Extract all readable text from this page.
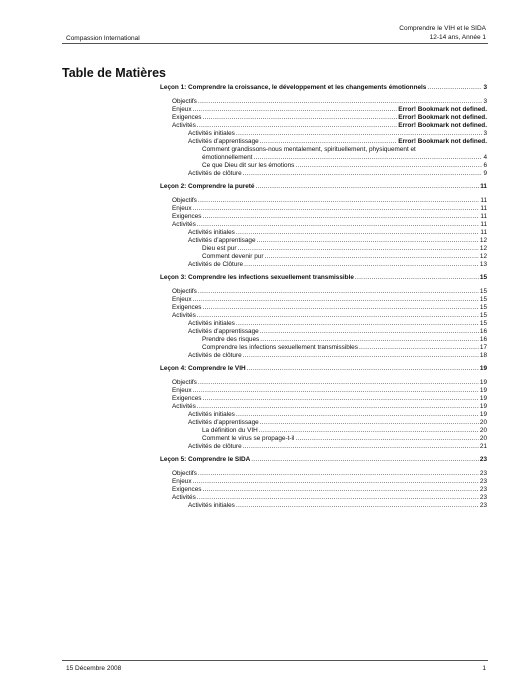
Comprendre le VIH et le SIDA
12-14 ans, Année 1
Compassion International
Table de Matières
Leçon 1: Comprendre la croissance, le développement et les changements émotionnels .....	3
Objectifs .....	3
Enjeux .....	Error! Bookmark not defined.
Exigences .....	Error! Bookmark not defined.
Activités .....	Error! Bookmark not defined.
Activités initiales .....	3
Activités d’apprentissage .....	Error! Bookmark not defined.
Comment grandissons-nous mentalement, spirituellement, physiquement et
émotionnellement .....	4
Ce que Dieu dit sur les émotions .....	6
Activités de clôture .....	9
Leçon 2: Comprendre la pureté .....	11
Objectifs .....	11
Enjeux .....	11
Exigences .....	11
Activités .....	11
Activités initiales .....	11
Activités d’apprentisage .....	12
Dieu est pur .....	12
Comment devenir pur .....	12
Activités de Clôture .....	13
Leçon 3: Comprendre les infections sexuellement transmissible .....	15
Objectifs .....	15
Enjeux .....	15
Exigences .....	15
Activités .....	15
Activités initiales .....	15
Activités d’apprentissage .....	16
Prendre des risques .....	16
Comprendre les infections sexuellement transmissibles .....	17
Activités de clôture .....	18
Leçon 4: Comprendre le VIH .....	19
Objectifs .....	19
Enjeux .....	19
Exigences .....	19
Activités .....	19
Activités initiales .....	19
Activités d’apprentissage .....	20
La définition du VIH .....	20
Comment le virus se propage-t-il .....	20
Activités de clôture .....	21
Leçon 5: Comprendre le SIDA .....	23
Objectifs .....	23
Enjeux .....	23
Exigences .....	23
Activités .....	23
Activités initiales .....	23
15 Décembre 2008	1
